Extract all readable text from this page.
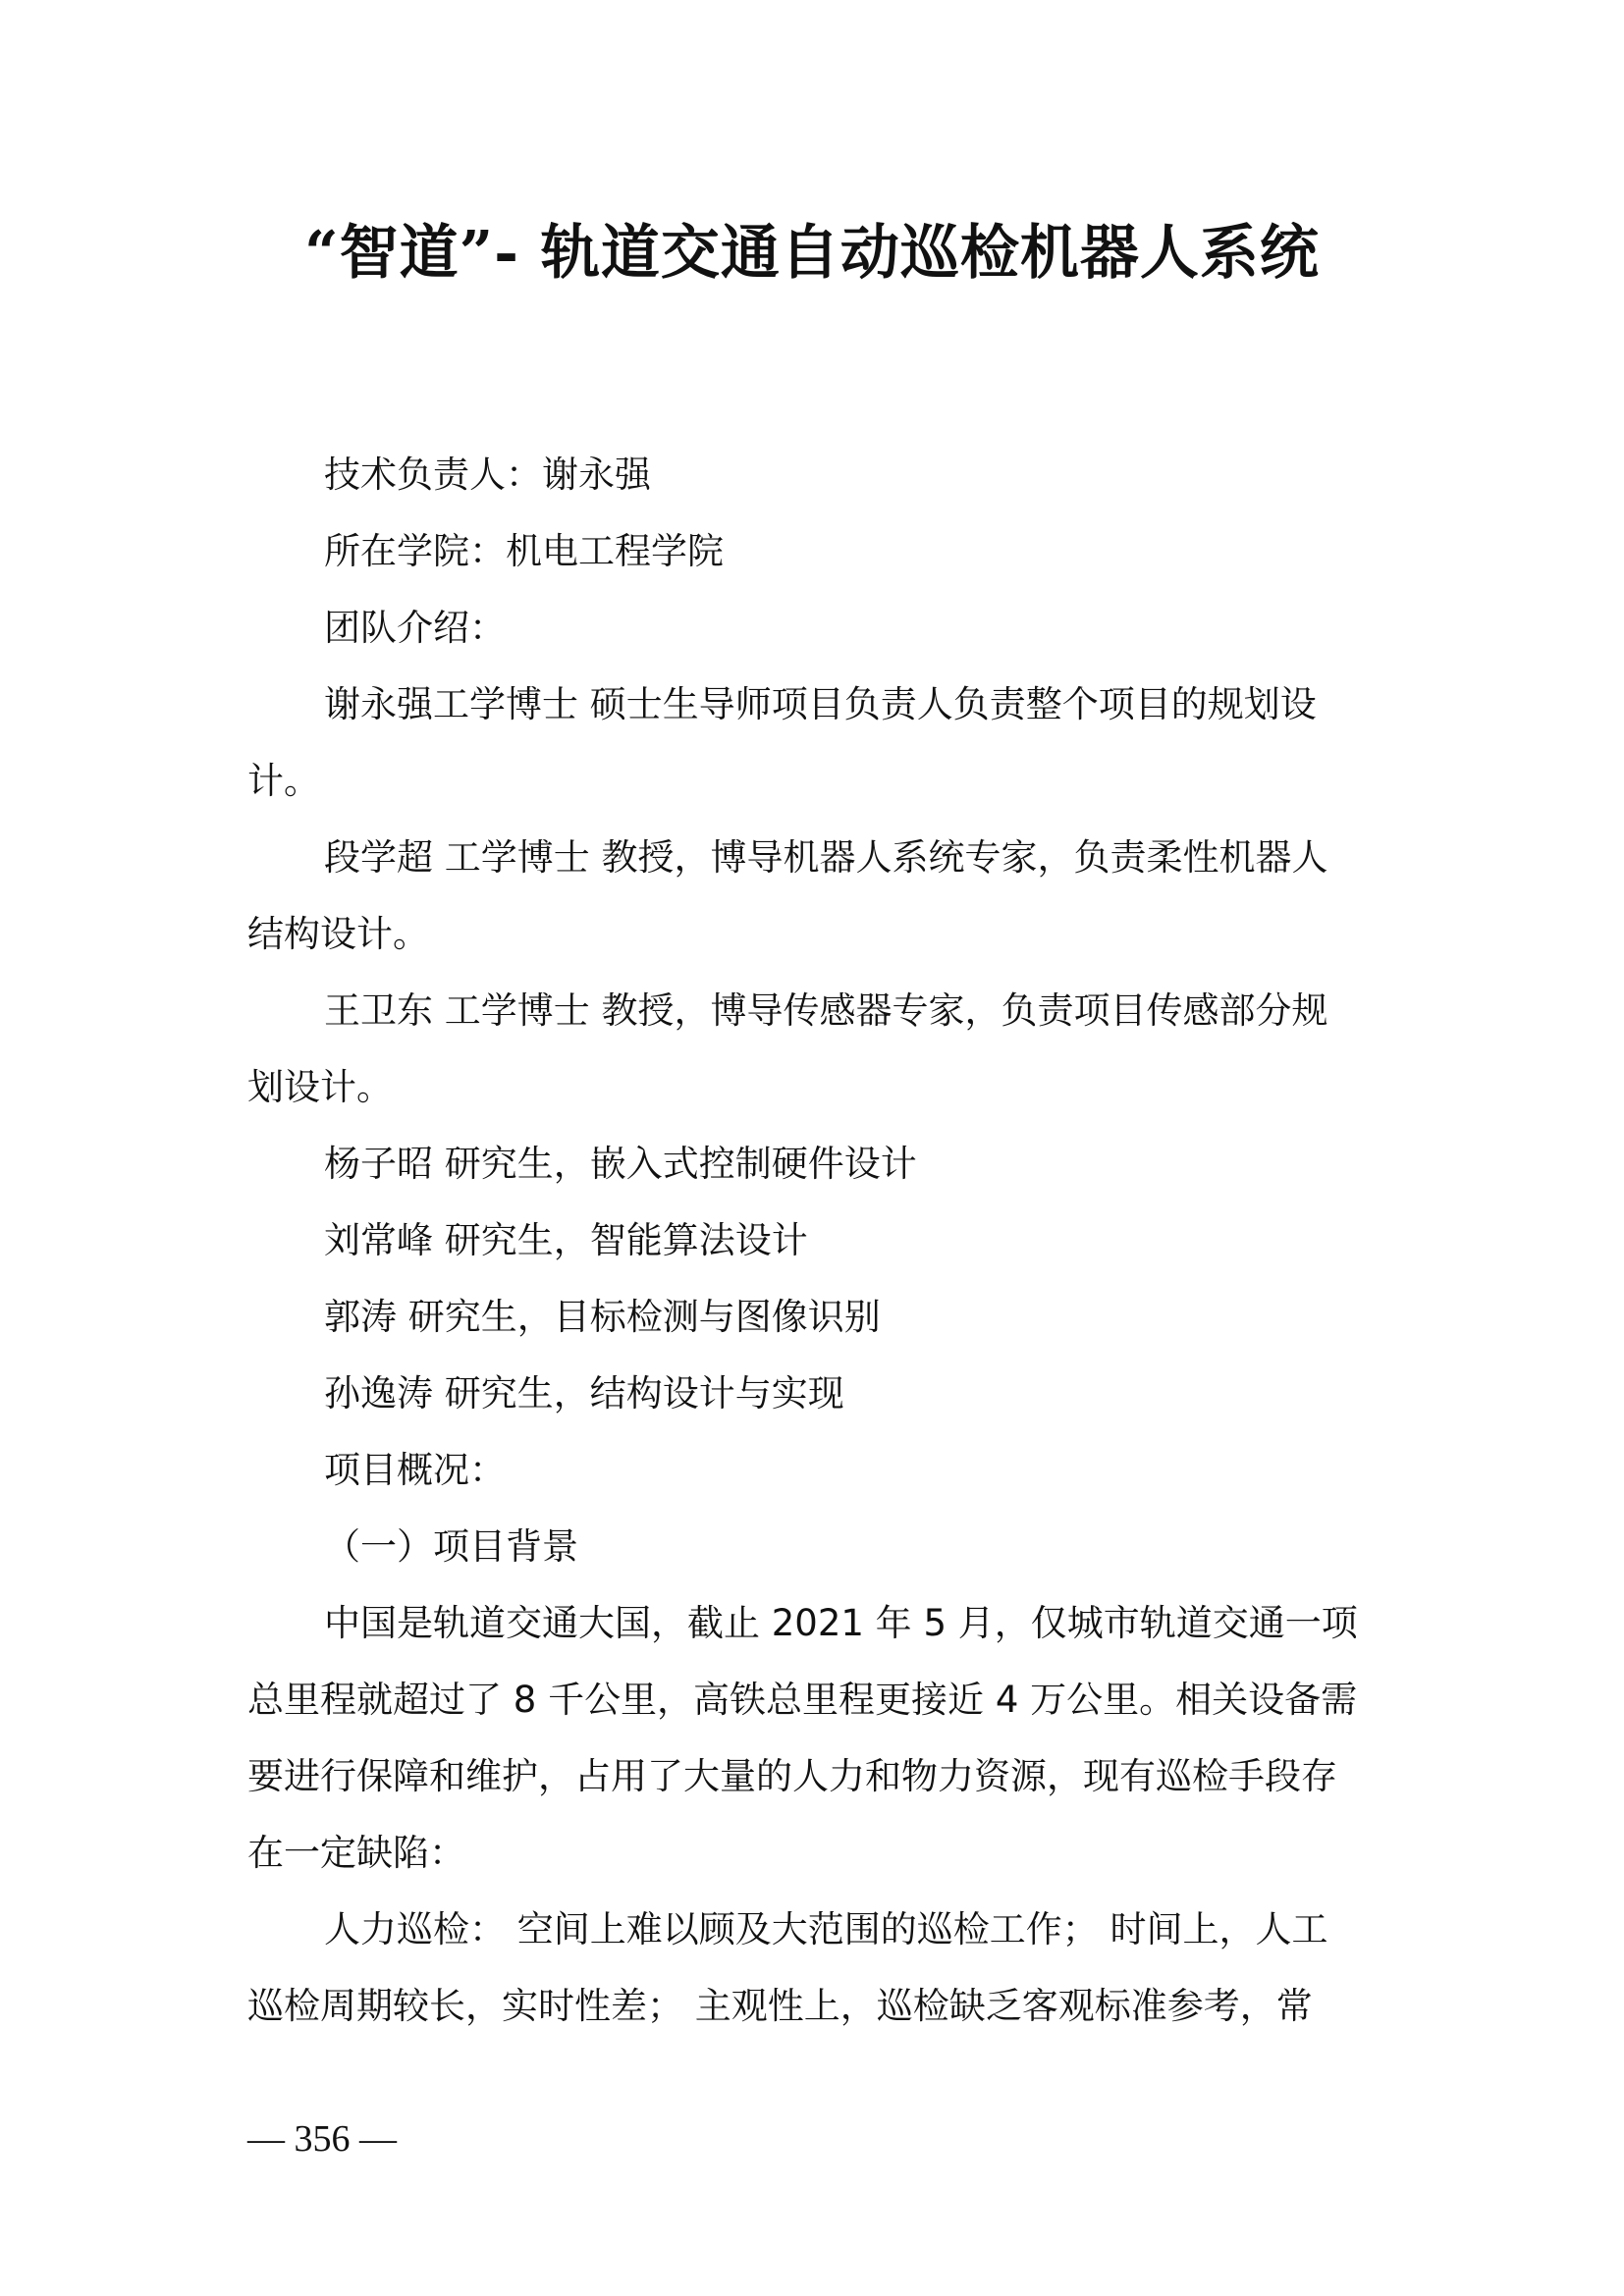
“智道”- 轨道交通自动巡检机器人系统
技术负责人：谢永强
所在学院：机电工程学院
团队介绍：
谢永强工学博士 硕士生导师项目负责人负责整个项目的规划设
计。
段学超 工学博士 教授，博导机器人系统专家，负责柔性机器人
结构设计。
王卫东 工学博士 教授，博导传感器专家，负责项目传感部分规
划设计。
杨子昭 研究生，嵌入式控制硬件设计
刘常峰 研究生，智能算法设计
郭涛 研究生，目标检测与图像识别
孙逸涛 研究生，结构设计与实现
项目概况：
（一）项目背景
中国是轨道交通大国，截止 2021 年 5 月，仅城市轨道交通一项
总里程就超过了 8 千公里，高铁总里程更接近 4 万公里。相关设备需
要进行保障和维护，占用了大量的人力和物力资源，现有巡检手段存
在一定缺陷：
人力巡检： 空间上难以顾及大范围的巡检工作； 时间上，人工
巡检周期较长，实时性差； 主观性上，巡检缺乏客观标准参考，常
— 356 —
